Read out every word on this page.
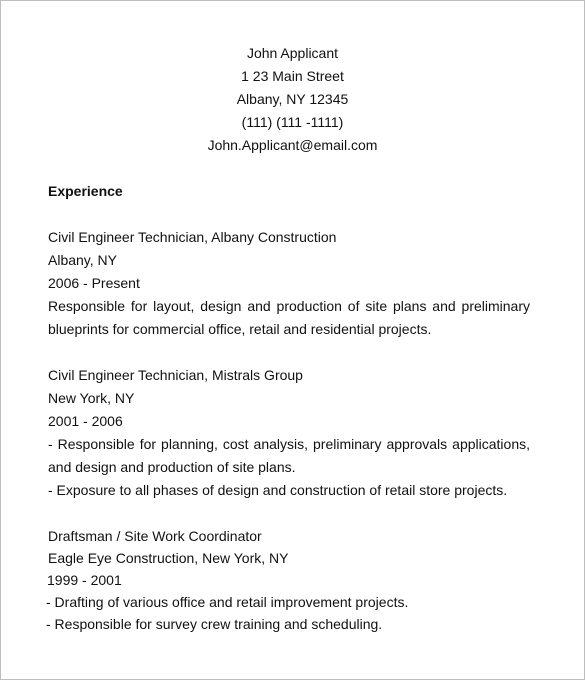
John Applicant
1 23 Main Street
Albany, NY 12345
(111) (111 -1111)
John.Applicant@email.com
Experience
Civil Engineer Technician, Albany Construction
Albany, NY
2006 - Present
Responsible for layout, design and production of site plans and preliminary blueprints for commercial office, retail and residential projects.
Civil Engineer Technician, Mistrals Group
New York, NY
2001 - 2006
- Responsible for planning, cost analysis, preliminary approvals applications, and design and production of site plans.
- Exposure to all phases of design and construction of retail store projects.
Draftsman / Site Work Coordinator
Eagle Eye Construction, New York, NY
1999 - 2001
- Drafting of various office and retail improvement projects.
- Responsible for survey crew training and scheduling.
